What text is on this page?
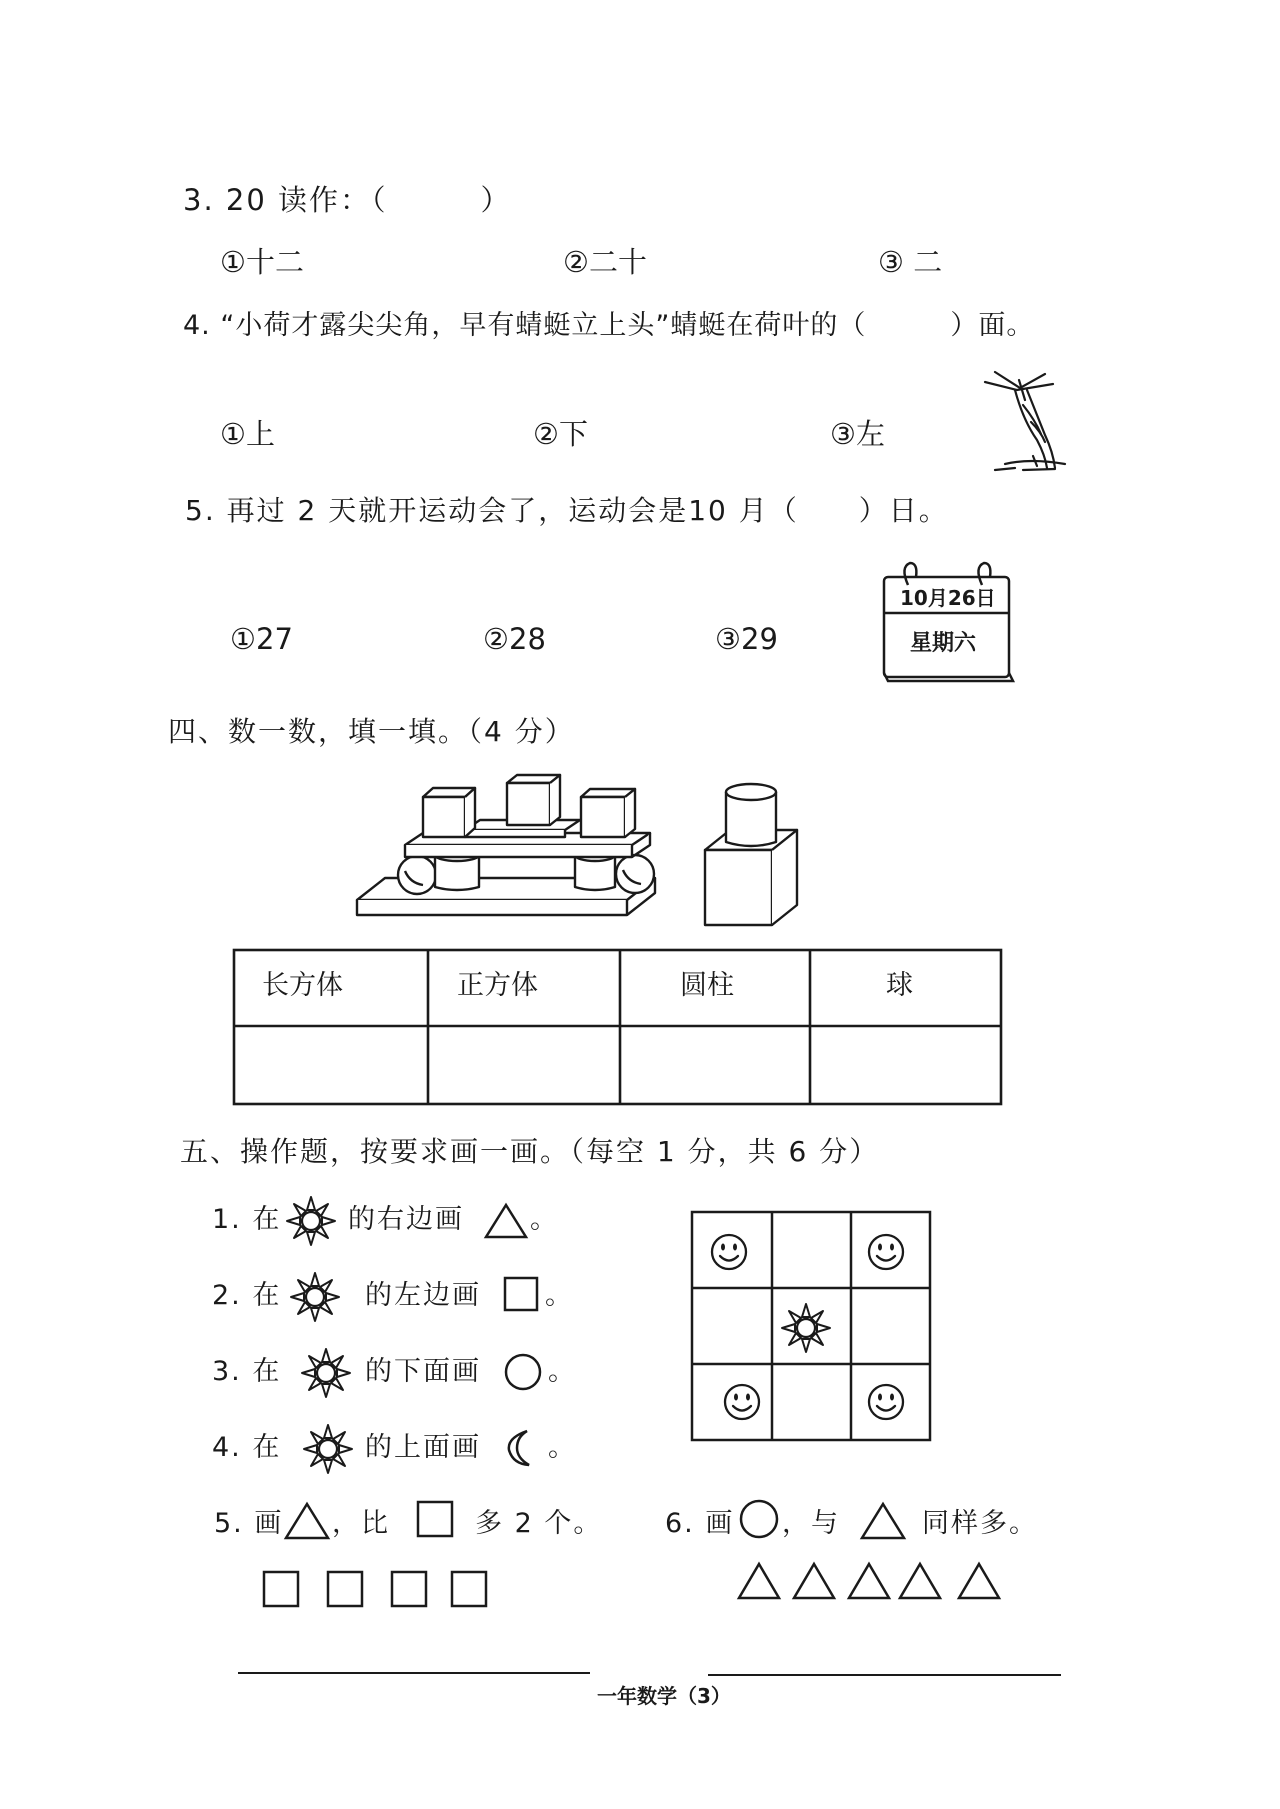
3. 20 读作：（　　　）
①十二	②二十	③ 二
4. “小荷才露尖尖角，早有蜻蜓立上头”蜻蜓在荷叶的（　　　）面。
①上	②下	③左
5. 再过 2 天就开运动会了，运动会是10 月（　　）日。
①27	②28	③29
10月26日
星期六
四、数一数，填一填。（4 分）
长方体	正方体	圆柱	球
五、操作题，按要求画一画。（每空 1 分，共 6 分）
1. 在 的右边画 。
2. 在	的左边画 。
3. 在	的下面画 。
4. 在	的上面画 。
5. 画 ，比	多 2 个。 6. 画 ，与	同样多。
一年数学（3）
